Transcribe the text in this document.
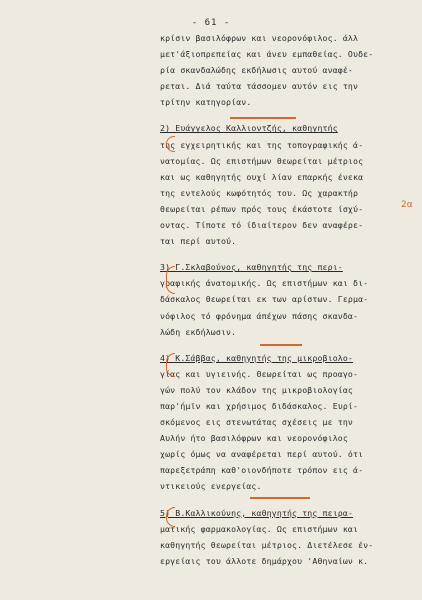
- 61 -
κρίσιν βασιλόφρων και νεορονόφιλος. άλλ
μετ'άξιοπρεπείας και άνευ εμπαθείας. Ουδε-
ρία σκανδαλώδης εκδήλωσις αυτού αναφέ-
ρεται. Διά ταύτα τάσσομεν αυτόν εις την
τρίτην κατηγορίαν.
2) Ευάγγελος Καλλιοντζής, καθηγητής
της εγχειρητικής και της τοπογραφικής ά-
νατομίας. Ως επιστήμων θεωρείται μέτριος
και ως καθηγητής ουχί λίαν επαρκής ένεκα
της εντελούς κωφότητός του. Ως χαρακτήρ
θεωρείται ρέπων πρός τους έκάστοτε ίσχύ-
οντας. Τίποτε τό ίδιαίτερον δεν αναφέρε-
ται περί αυτού.
3) Γ.Σκλαβούνος, καθηγητής της περι-
γραφικής άνατομικής. Ως επιστήμων και δι-
δάσκαλος θεωρείται εκ των αρίστων. Γερμα-
νόφιλος τό φρόνημα άπέχων πάσης σκανδα-
λώδη εκδήλωσιν.
4) Κ.Σάββας, καθηγητής της μικροβιολο-
γίας και υγιεινής. Θεωρείται ως προαγο-
γών πολύ τον κλάδον της μικροβιολογίας
παρ'ήμϊν και χρήσιμος διδάσκαλος. Ευρί-
σκόμενος εις στενωτάτας σχέσεις με την
Αυλήν ήτο βασιλόφρων και νεορονόφιλος
χωρίς όμως να αναφέρεται περί αυτού. ότι
παρεξετράπη καθ'οιονδήποτε τρόπον εις ά-
ντικειούς ενεργείας.
5) Β.Καλλικούνης, καθηγητής της πειρα-
ματικής φαρμακολογίας. Ως επιστήμων και
καθηγητής θεωρείται μέτριος. Διετέλεσε έν-
εργείαις του άλλοτε δημάρχου 'Αθηναίων κ.
2α
